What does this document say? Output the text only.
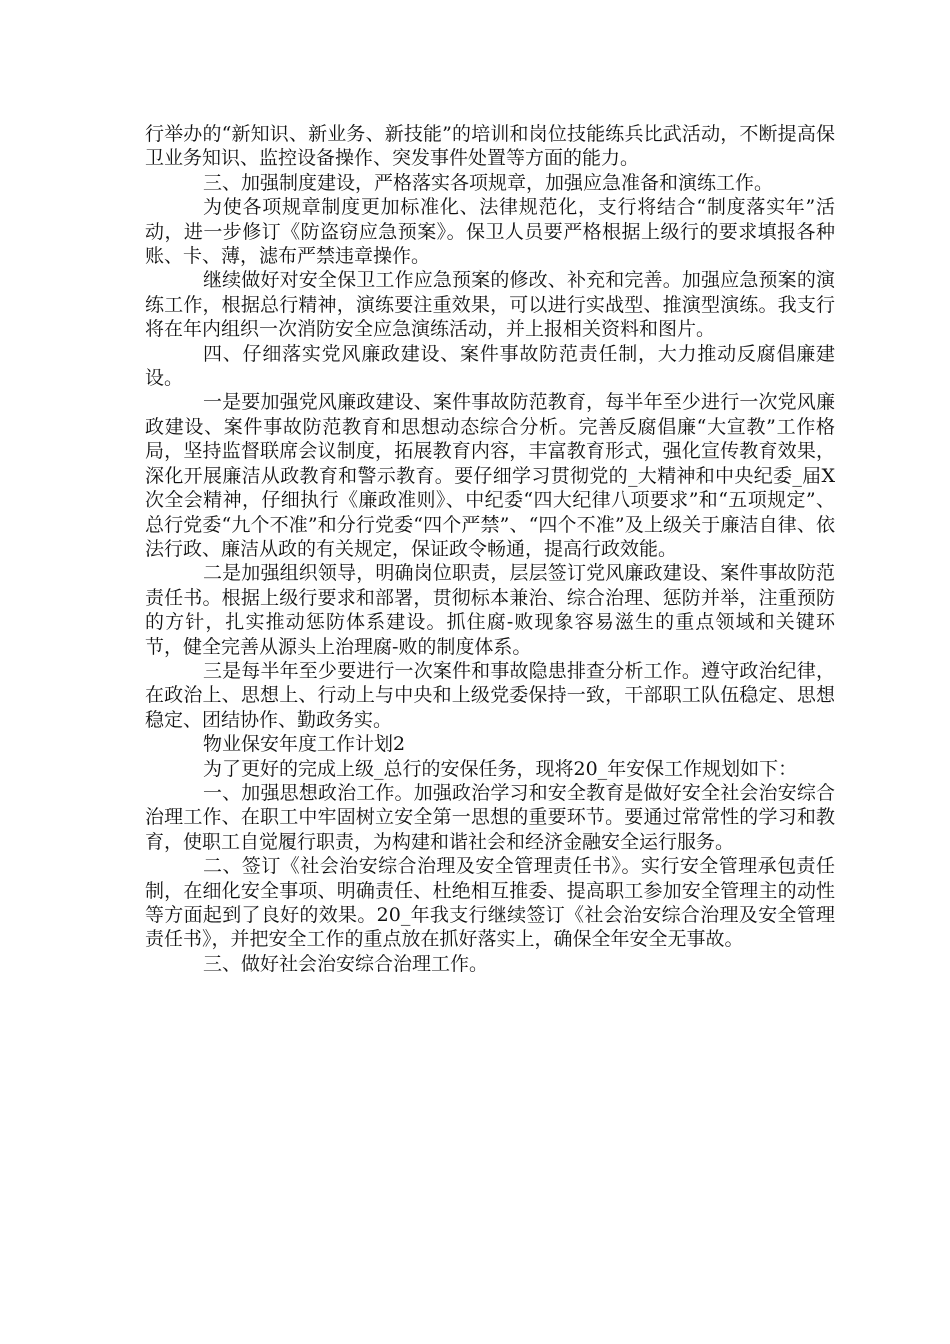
行举办的“新知识、新业务、新技能”的培训和岗位技能练兵比武活动，不断提高保卫业务知识、监控设备操作、突发事件处置等方面的能力。

三、加强制度建设，严格落实各项规章，加强应急准备和演练工作。

为使各项规章制度更加标准化、法律规范化，支行将结合“制度落实年”活动，进一步修订《防盗窃应急预案》。保卫人员要严格根据上级行的要求填报各种账、卡、薄，滤布严禁违章操作。

继续做好对安全保卫工作应急预案的修改、补充和完善。加强应急预案的演练工作，根据总行精神，演练要注重效果，可以进行实战型、推演型演练。我支行将在年内组织一次消防安全应急演练活动，并上报相关资料和图片。

四、仔细落实党风廉政建设、案件事故防范责任制，大力推动反腐倡廉建设。

一是要加强党风廉政建设、案件事故防范教育，每半年至少进行一次党风廉政建设、案件事故防范教育和思想动态综合分析。完善反腐倡廉“大宣教”工作格局，坚持监督联席会议制度，拓展教育内容，丰富教育形式，强化宣传教育效果，深化开展廉洁从政教育和警示教育。要仔细学习贯彻党的_大精神和中央纪委_届X次全会精神，仔细执行《廉政准则》、中纪委“四大纪律八项要求”和“五项规定”、总行党委“九个不准”和分行党委“四个严禁”、“四个不准”及上级关于廉洁自律、依法行政、廉洁从政的有关规定，保证政令畅通，提高行政效能。

二是加强组织领导，明确岗位职责，层层签订党风廉政建设、案件事故防范责任书。根据上级行要求和部署，贯彻标本兼治、综合治理、惩防并举，注重预防的方针，扎实推动惩防体系建设。抓住腐-败现象容易滋生的重点领域和关键环节，健全完善从源头上治理腐-败的制度体系。

三是每半年至少要进行一次案件和事故隐患排查分析工作。遵守政治纪律，在政治上、思想上、行动上与中央和上级党委保持一致，干部职工队伍稳定、思想稳定、团结协作、勤政务实。

物业保安年度工作计划2

为了更好的完成上级_总行的安保任务，现将20_年安保工作规划如下：

一、加强思想政治工作。加强政治学习和安全教育是做好安全社会治安综合治理工作、在职工中牢固树立安全第一思想的重要环节。要通过常常性的学习和教育，使职工自觉履行职责，为构建和谐社会和经济金融安全运行服务。

二、签订《社会治安综合治理及安全管理责任书》。实行安全管理承包责任制，在细化安全事项、明确责任、杜绝相互推委、提高职工参加安全管理主的动性等方面起到了良好的效果。20_年我支行继续签订《社会治安综合治理及安全管理责任书》，并把安全工作的重点放在抓好落实上，确保全年安全无事故。

三、做好社会治安综合治理工作。
